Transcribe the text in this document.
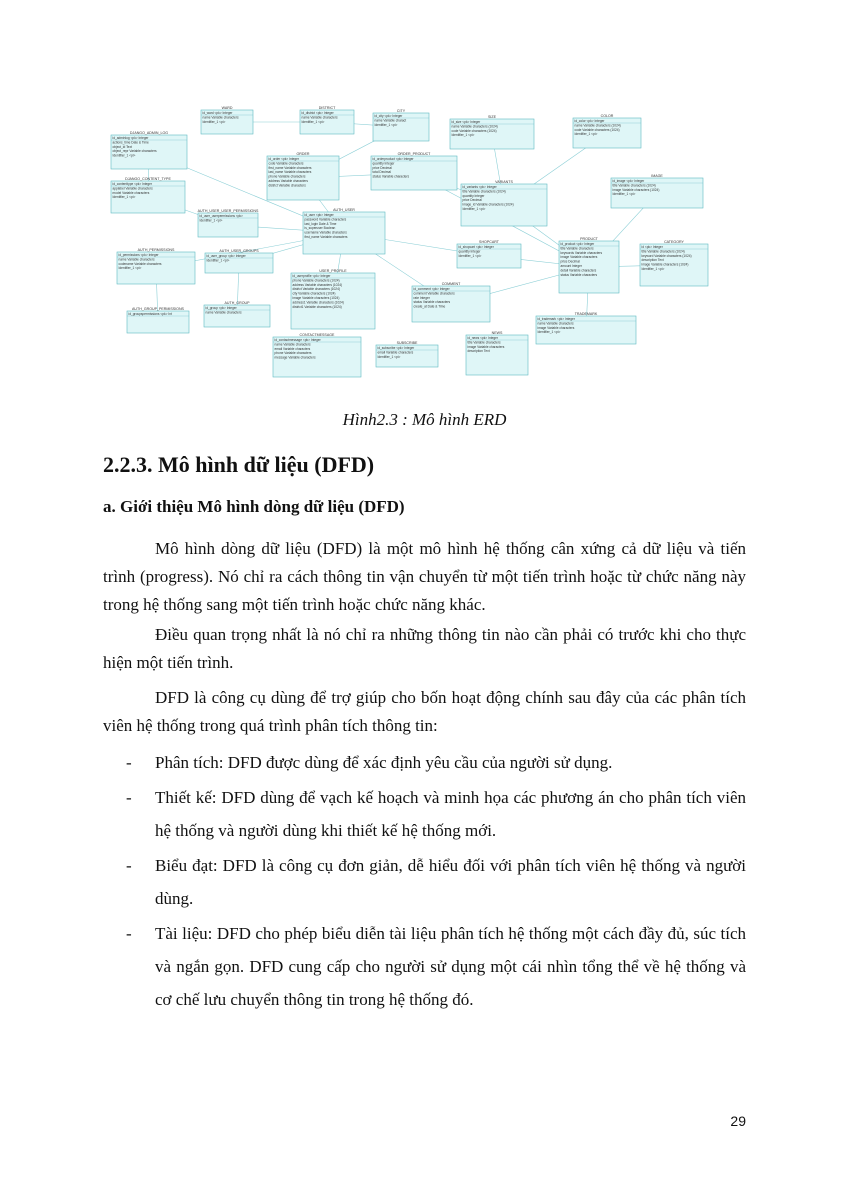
WARD
id_ward <pk> Integer
name Variable characters
Identifier_1 <pi>
DISTRICT
id_district <pk> Integer
name Variable characters
Identifier_1 <pi>
CITY
id_city <pk> Integer
name Variable charact
Identifier_1 <pi>
SIZE
id_size <pk> Integer
name Variable characters (1024)
code Variable characters (1024)
Identifier_1 <pi>
COLOR
id_color <pk> Integer
name Variable characters (1024)
code Variable characters (1024)
Identifier_1 <pi>
DJANGO_ADMIN_LOG
id_adminlog <pk> Integer
actions_time Date & Time
object_id Text
object_repr Variable characters
Identifier_1 <pi>	ORDER
id_order <pk> Integer
code Variable characters
first_name Variable characters
last_name Variable characters
phone Variable characters
address Variable characters
district Variable characters
ORDER_PRODUCT
id_orderproduct <pk> Integer
quantity Integer
price Decimal
total Decimal
status Variable characters	IMAGE
id_image <pk> Integer
title Variable characters (1024)
image Variable characters (1024)
Identifier_1 <pi>
DJANGO_CONTENT_TYPE
id_contenttype <pk> Integer
applabel Variable characters
model Variable characters
Identifier_1 <pi>
VARIANTS
id_variants <pk> Integer
title Variable characters (1024)
quantity Integer
price Decimal
image_id Variable characters (1024)
Identifier_1 <pi>
AUTH_USER_USER_PERMISSIONS
id_user_userpermissions <pk>
Identifier_1 <pi>
AUTH_USER
id_user <pk> Integer
password Variable characters
last_login Date & Time
is_superuser Boolean
username Variable characters
first_name Variable characters
SHOPCART
id_shopcart <pk> Integer
quantity Integer
Identifier_1 <pi>
PRODUCT
id_product <pk> Integer
title Variable characters
keywords Variable characters
image Variable characters
price Decimal
amount Integer
detail Variable characters
status Variable characters
CATEGORY
id <pk> Integer
title Variable characters (1024)
keyword Variable characters (1024)
description Text
image Variable characters (1024)
Identifier_1 <pi>
AUTH_PERMISSIONS
id_permissions <pk> Integer
name Variable characters
codename Variable characters
Identifier_1 <pi>
AUTH_USER_GROUPS
id_user_group <pk> Integer
Identifier_1 <pi>
USER_PROFILE
id_userprofile <pk> Integer
phone Variable characters (1024)
address Variable characters (1024)
district Variable characters (1024)
city Variable characters (1024)
image Variable characters (1024)
address1 Variable characters (1024)
district1 Variable characters (1024)
COMMENT
id_comment <pk> Integer
comment Variable characters
rate Integer
status Variable characters
create_at Date & Time
AUTH_GROUP_PERMISSIONS
id_groupspermissions <pk> Int
AUTH_GROUP
id_group <pk> Integer
name Variable characters	TRADEMARK
id_trademark <pk> Integer
name Variable characters
image Variable characters
Identifier_1 <pi>
CONTACTMESSAGE
id_contactmessage <pk> Integer
name Variable characters
email Variable characters
phone Variable characters
message Variable characters
SUBSCRIBE
id_subscribe <pk> Integer
email Variable characters
Identifier_1 <pi>
NEWS
id_news <pk> Integer
title Variable characters
image Variable characters
description Text
Hình2.3 : Mô hình ERD
2.2.3. Mô hình dữ liệu (DFD)
a. Giới thiệu Mô hình dòng dữ liệu (DFD)

Mô hình dòng dữ liệu (DFD) là một mô hình hệ thống cân xứng cả dữ liệu và tiến trình (progress). Nó chỉ ra cách thông tin vận chuyển từ một tiến trình hoặc từ chức năng này trong hệ thống sang một tiến trình hoặc chức năng khác.

Điều quan trọng nhất là nó chỉ ra những thông tin nào cần phải có trước khi cho thực hiện một tiến trình.

DFD là công cụ dùng để trợ giúp cho bốn hoạt động chính sau đây của các phân tích viên hệ thống trong quá trình phân tích thông tin:

- Phân tích: DFD được dùng để xác định yêu cầu của người sử dụng.
- Thiết kế: DFD dùng để vạch kế hoạch và minh họa các phương án cho phân tích viên hệ thống và người dùng khi thiết kế hệ thống mới.
- Biểu đạt: DFD là công cụ đơn giản, dễ hiểu đối với phân tích viên hệ thống và người dùng.
- Tài liệu: DFD cho phép biểu diễn tài liệu phân tích hệ thống một cách đầy đủ, súc tích và ngắn gọn. DFD cung cấp cho người sử dụng một cái nhìn tổng thể về hệ thống và cơ chế lưu chuyển thông tin trong hệ thống đó.
29
